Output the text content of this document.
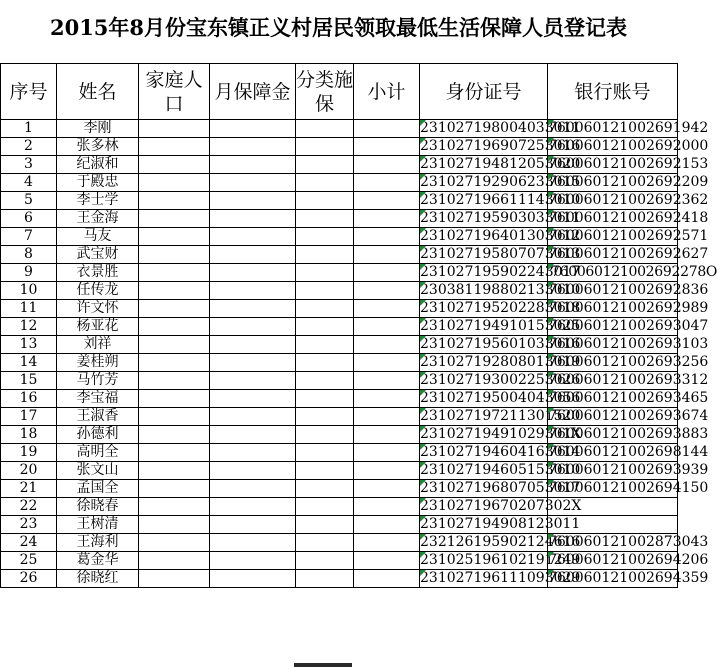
2015年8月份宝东镇正义村居民领取最低生活保障人员登记表
序号	姓名	家庭人口	月保障金	分类施保	小计	身份证号	银行账号
1	李刚					231027198004033011	760060121002691942
2	张多林					231027196907253016	760060121002692000
3	纪淑和					231027194812053020	760060121002692153
4	于殿忠					231027192906233015	760060121002692209
5	李士学					231027196611143010	760060121002692362
6	王金海					231027195903033011	760060121002692418
7	马友					231027196401303012	760060121002692571
8	武宝财					231027195807073013	760060121002692627
9	衣景胜					231027195902243017	760060121002692278O
10	任传龙					230381198802133010	760060121002692836
11	许文怀					231027195202283018	760060121002692989
12	杨亚花					231027194910153025	760060121002693047
13	刘祥					231027195601033016	760060121002693103
14	姜桂朔					231027192808013019	760060121002693256
15	马竹芳					231027193002253026	760060121002693312
16	李宝福					231027195004043056	760060121002693465
17	王淑香					231027197211301520	760060121002693674
18	孙德利					23102719491029301X	760060121002693883
19	高明全					231027194604163014	760060121002698144
20	张文山					231027194605153010	760060121002693939
21	孟国全					231027196807053017	760060121002694150
22	徐晓春					23102719670207302X	
23	王树清					231027194908123011	
24	王海利					232126195902124616	760060121002873043
25	葛金华					231025196102191249	760060121002694206
26	徐晓红					231027196111093029	760060121002694359
